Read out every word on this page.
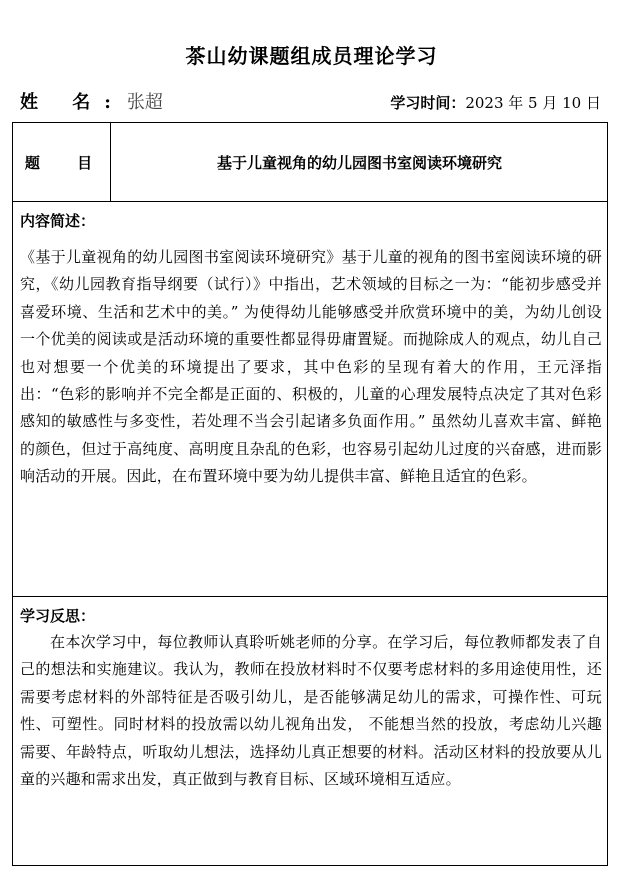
茶山幼课题组成员理论学习
姓 名: 张超	学习时间：2023 年 5 月 10 日
题 目	基于儿童视角的幼儿园图书室阅读环境研究
内容简述：
《基于儿童视角的幼儿园图书室阅读环境研究》基于儿童的视角的图书室阅读环境的研究，《幼儿园教育指导纲要（试行）》中指出，艺术领域的目标之一为：“能初步感受并喜爱环境、生活和艺术中的美。” 为使得幼儿能够感受并欣赏环境中的美，为幼儿创设一个优美的阅读或是活动环境的重要性都显得毋庸置疑。而抛除成人的观点，幼儿自己也对想要一个优美的环境提出了要求，其中色彩的呈现有着大的作用，王元泽指出：“色彩的影响并不完全都是正面的、积极的，儿童的心理发展特点决定了其对色彩感知的敏感性与多变性，若处理不当会引起诸多负面作用。” 虽然幼儿喜欢丰富、鲜艳的颜色，但过于高纯度、高明度且杂乱的色彩，也容易引起幼儿过度的兴奋感，进而影响活动的开展。因此，在布置环境中要为幼儿提供丰富、鲜艳且适宜的色彩。
学习反思：
在本次学习中，每位教师认真聆听姚老师的分享。在学习后，每位教师都发表了自己的想法和实施建议。我认为，教师在投放材料时不仅要考虑材料的多用途使用性，还需要考虑材料的外部特征是否吸引幼儿，是否能够满足幼儿的需求，可操作性、可玩性、可塑性。同时材料的投放需以幼儿视角出发， 不能想当然的投放，考虑幼儿兴趣需要、年龄特点，听取幼儿想法，选择幼儿真正想要的材料。活动区材料的投放要从儿童的兴趣和需求出发，真正做到与教育目标、区域环境相互适应。
